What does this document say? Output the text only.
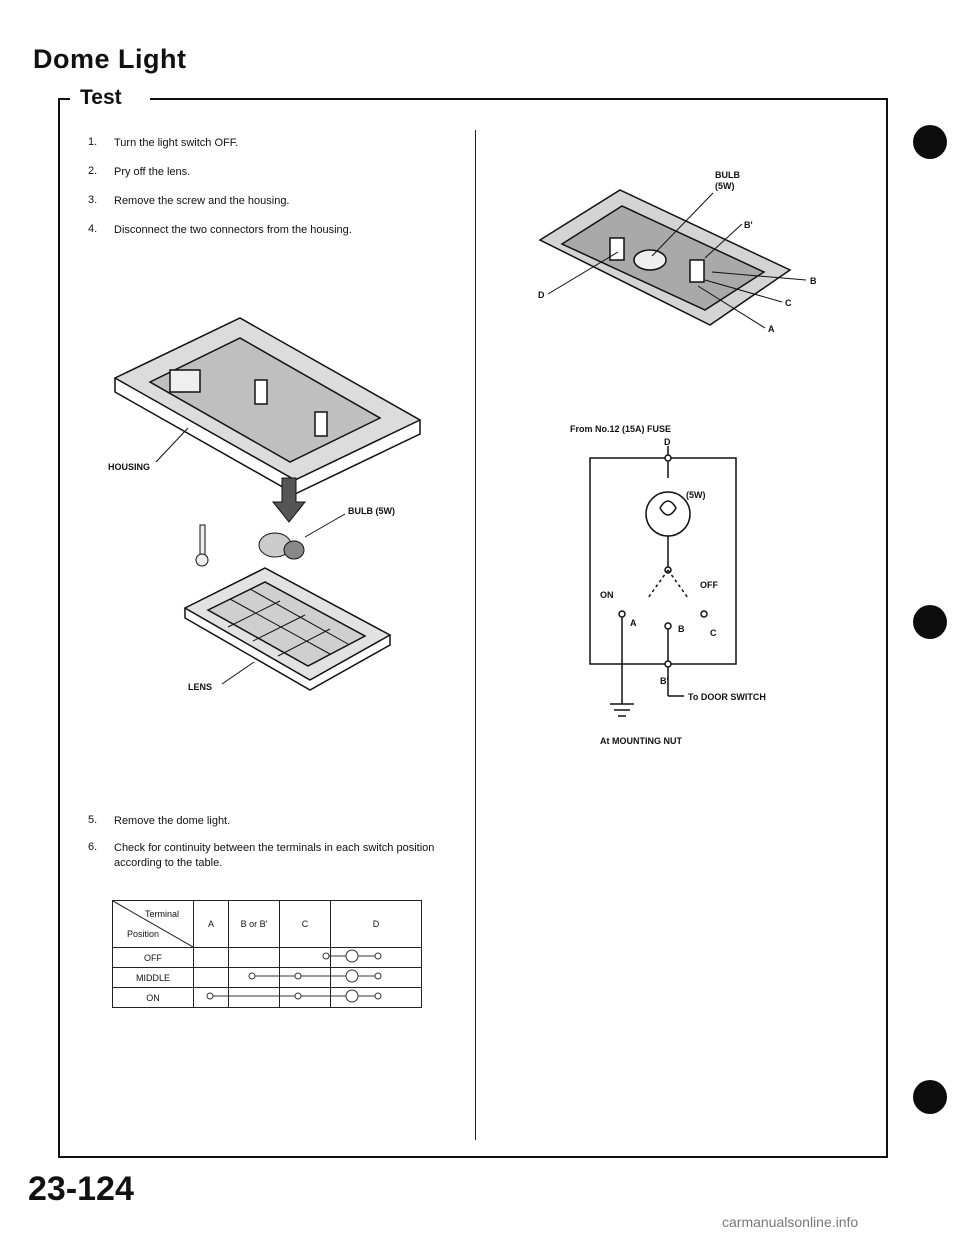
Dome Light
Test
1.	Turn the light switch OFF.
2.	Pry off the lens.
3.	Remove the screw and the housing.
4.	Disconnect the two connectors from the housing.
HOUSING
BULB (5W)
LENS
5.	Remove the dome light.
6.	Check for continuity between the terminals in each switch position according to the table.
Terminal
Position	A	B or B'	C	D
OFF				
MIDDLE				
ON				
BULB
(5W)
B'
B
C
A
D
From No.12 (15A) FUSE
D
(5W)
OFF
ON
A
B	C
B'
To DOOR SWITCH
At MOUNTING NUT
23-124
carmanualsonline.info
